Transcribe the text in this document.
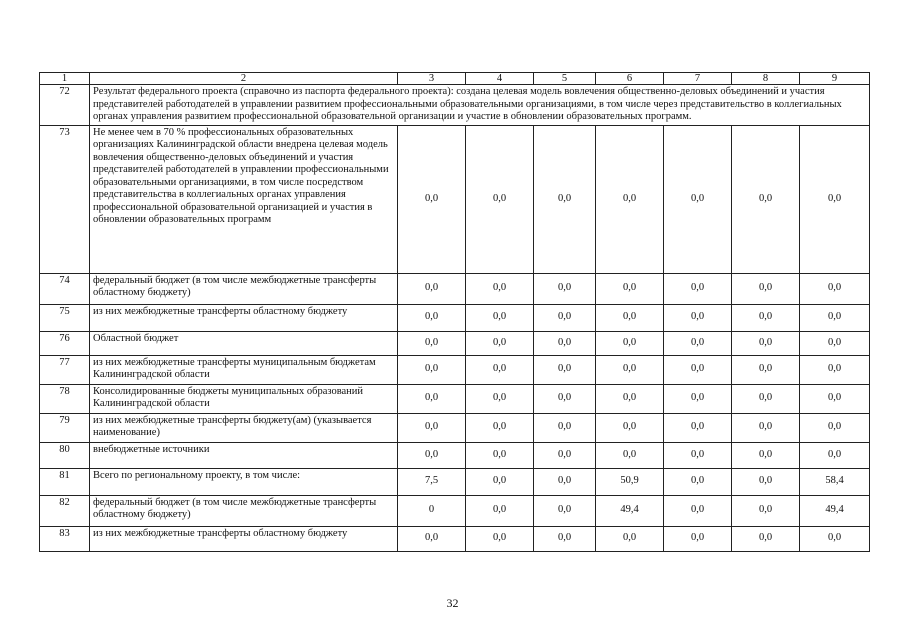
1	2	3	4	5	6	7	8	9
72	Результат федерального проекта (справочно из паспорта федерального проекта): создана целевая модель вовлечения общественно-деловых объединений и участия представителей работодателей в управлении развитием профессиональными образовательными организациями, в том числе через представительство в коллегиальных органах управления развитием профессиональной образовательной организации и участие в обновлении образовательных программ.							
73	Не менее чем в 70 % профессиональных образовательных организациях Калининградской области внедрена целевая модель вовлечения общественно-деловых объединений и участия представителей работодателей в управлении профессиональными образовательными организациями, в том числе посредством представительства в коллегиальных органах управления профессиональной образовательной организацией и участия в обновлении образовательных программ	0,0	0,0	0,0	0,0	0,0	0,0	0,0
74	федеральный бюджет (в том числе межбюджетные трансферты областному бюджету)	0,0	0,0	0,0	0,0	0,0	0,0	0,0
75	из них межбюджетные трансферты областному бюджету	0,0	0,0	0,0	0,0	0,0	0,0	0,0
76	Областной бюджет	0,0	0,0	0,0	0,0	0,0	0,0	0,0
77	из них межбюджетные трансферты муниципальным бюджетам Калининградской области	0,0	0,0	0,0	0,0	0,0	0,0	0,0
78	Консолидированные бюджеты муниципальных образований Калининградской области	0,0	0,0	0,0	0,0	0,0	0,0	0,0
79	из них межбюджетные трансферты бюджету(ам) (указывается наименование)	0,0	0,0	0,0	0,0	0,0	0,0	0,0
80	внебюджетные источники	0,0	0,0	0,0	0,0	0,0	0,0	0,0
81	Всего по региональному проекту, в том числе:	7,5	0,0	0,0	50,9	0,0	0,0	58,4
82	федеральный бюджет (в том числе межбюджетные трансферты областному бюджету)	0	0,0	0,0	49,4	0,0	0,0	49,4
83	из них межбюджетные трансферты областному бюджету	0,0	0,0	0,0	0,0	0,0	0,0	0,0
32
